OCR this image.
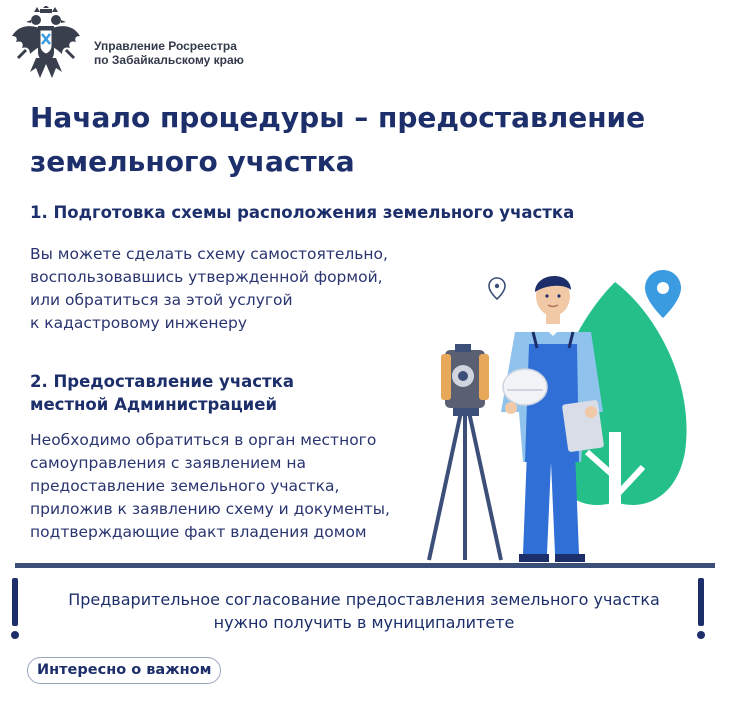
Управление Росреестра
по Забайкальскому краю
Начало процедуры – предоставление
земельного участка
1. Подготовка схемы расположения земельного участка
Вы можете сделать схему самостоятельно,
воспользовавшись утвержденной формой,
или обратиться за этой услугой
к кадастровому инженеру
2. Предоставление участка
местной Администрацией
Необходимо обратиться в орган местного
самоуправления с заявлением на
предоставление земельного участка,
приложив к заявлению схему и документы,
подтверждающие факт владения домом
Предварительное согласование предоставления земельного участка
нужно получить в муниципалитете
Интересно о важном
